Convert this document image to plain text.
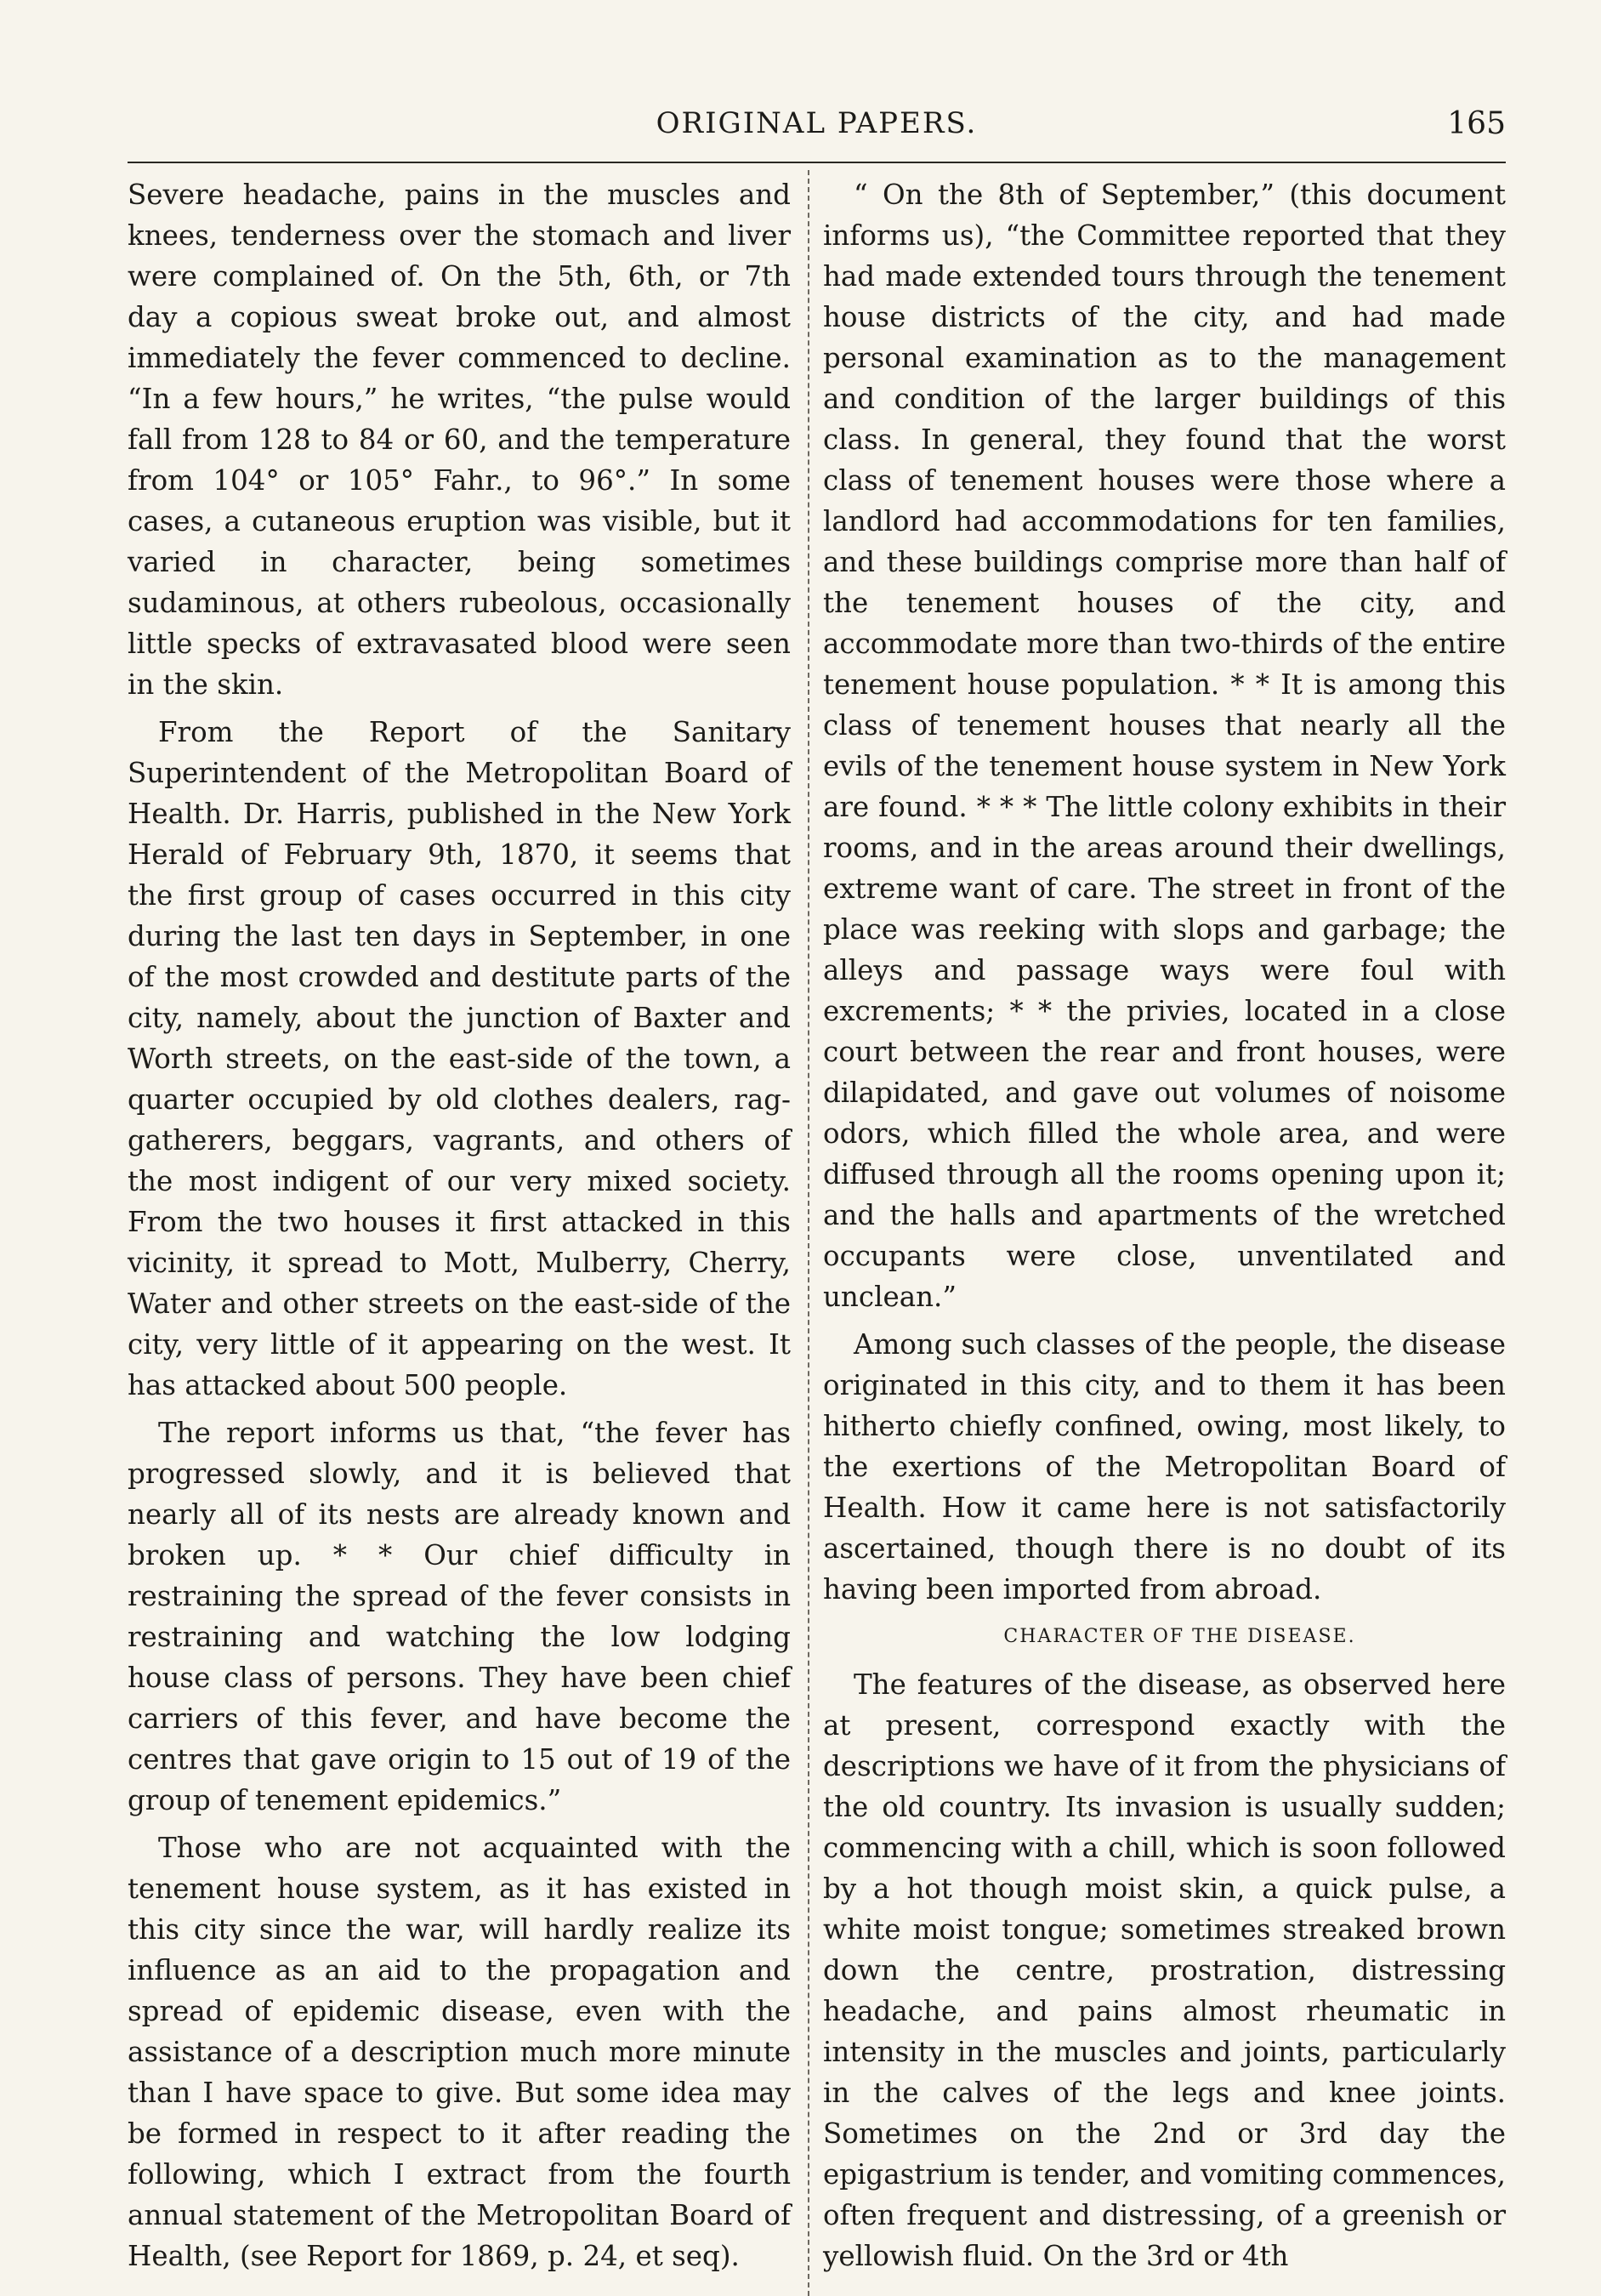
ORIGINAL PAPERS.	165

Severe headache, pains in the muscles and knees, tenderness over the stomach and liver were complained of. On the 5th, 6th, or 7th day a copious sweat broke out, and almost immediately the fever commenced to decline. “In a few hours,” he writes, “the pulse would fall from 128 to 84 or 60, and the temperature from 104° or 105° Fahr., to 96°.” In some cases, a cutaneous eruption was visible, but it varied in character, being sometimes sudaminous, at others rubeolous, occasionally little specks of extravasated blood were seen in the skin.

From the Report of the Sanitary Superintendent of the Metropolitan Board of Health. Dr. Harris, published in the New York Herald of February 9th, 1870, it seems that the first group of cases occurred in this city during the last ten days in September, in one of the most crowded and destitute parts of the city, namely, about the junction of Baxter and Worth streets, on the east-side of the town, a quarter occupied by old clothes dealers, rag-gatherers, beggars, vagrants, and others of the most indigent of our very mixed society. From the two houses it first attacked in this vicinity, it spread to Mott, Mulberry, Cherry, Water and other streets on the east-side of the city, very little of it appearing on the west. It has attacked about 500 people.

The report informs us that, “the fever has progressed slowly, and it is believed that nearly all of its nests are already known and broken up. * * Our chief difficulty in restraining the spread of the fever consists in restraining and watching the low lodging house class of persons. They have been chief carriers of this fever, and have become the centres that gave origin to 15 out of 19 of the group of tenement epidemics.”

Those who are not acquainted with the tenement house system, as it has existed in this city since the war, will hardly realize its influence as an aid to the propagation and spread of epidemic disease, even with the assistance of a description much more minute than I have space to give. But some idea may be formed in respect to it after reading the following, which I extract from the fourth annual statement of the Metropolitan Board of Health, (see Report for 1869, p. 24, et seq).

“ On the 8th of September,” (this document informs us), “the Committee reported that they had made extended tours through the tenement house districts of the city, and had made personal examination as to the management and condition of the larger buildings of this class. In general, they found that the worst class of tenement houses were those where a landlord had accommodations for ten families, and these buildings comprise more than half of the tenement houses of the city, and accommodate more than two-thirds of the entire tenement house population. * * It is among this class of tenement houses that nearly all the evils of the tenement house system in New York are found. * * * The little colony exhibits in their rooms, and in the areas around their dwellings, extreme want of care. The street in front of the place was reeking with slops and garbage; the alleys and passage ways were foul with excrements; * * the privies, located in a close court between the rear and front houses, were dilapidated, and gave out volumes of noisome odors, which filled the whole area, and were diffused through all the rooms opening upon it; and the halls and apartments of the wretched occupants were close, unventilated and unclean.”

Among such classes of the people, the disease originated in this city, and to them it has been hitherto chiefly confined, owing, most likely, to the exertions of the Metropolitan Board of Health. How it came here is not satisfactorily ascertained, though there is no doubt of its having been imported from abroad.

CHARACTER OF THE DISEASE.

The features of the disease, as observed here at present, correspond exactly with the descriptions we have of it from the physicians of the old country. Its invasion is usually sudden; commencing with a chill, which is soon followed by a hot though moist skin, a quick pulse, a white moist tongue; sometimes streaked brown down the centre, prostration, distressing headache, and pains almost rheumatic in intensity in the muscles and joints, particularly in the calves of the legs and knee joints. Sometimes on the 2nd or 3rd day the epigastrium is tender, and vomiting commences, often frequent and distressing, of a greenish or yellowish fluid. On the 3rd or 4th
